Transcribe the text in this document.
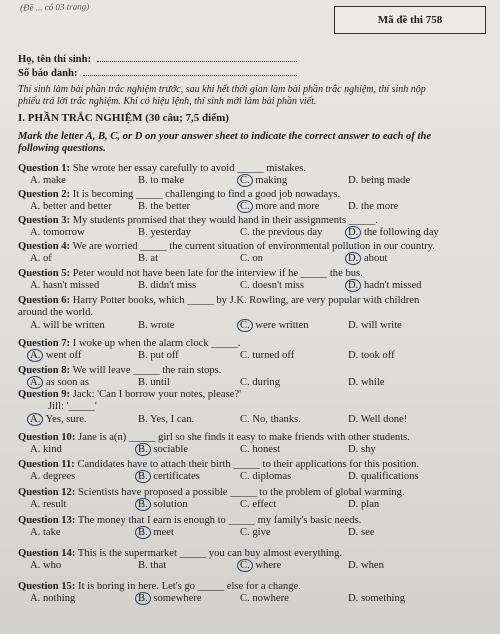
(Đề ... có 03 trang)
Mã đề thi 758
Họ, tên thí sinh:
Số báo danh:
Thí sinh làm bài phần trắc nghiệm trước, sau khi hết thời gian làm bài phần trắc nghiệm, thí sinh nộp
phiếu trả lời trắc nghiệm. Khi có hiệu lệnh, thí sinh mới làm bài phần viết.
I. PHẦN TRẮC NGHIỆM (30 câu; 7,5 điểm)
Mark the letter A, B, C, or D on your answer sheet to indicate the correct answer to each of the
following questions.
Question 1: She wrote her essay carefully to avoid _____ mistakes.
A. make	B. to make	C. making	D. being made
Question 2: It is becoming _____ challenging to find a good job nowadays.
A. better and better B. the better	C. more and more	D. the more
Question 3: My students promised that they would hand in their assignments _____.
A. tomorrow	B. yesterday	C. the previous day D. the following day
Question 4: We are worried _____ the current situation of environmental pollution in our country.
A. of	B. at	C. on	D. about
Question 5: Peter would not have been late for the interview if he _____ the bus.
A. hasn't missed	B. didn't miss	C. doesn't miss	D. hadn't missed
Question 6: Harry Potter books, which _____ by J.K. Rowling, are very popular with children
around the world.
A. will be written	B. wrote	C. were written	D. will write
Question 7: I woke up when the alarm clock _____.
A. went off	B. put off	C. turned off	D. took off
Question 8: We will leave _____ the rain stops.
A. as soon as	B. until	C. during	D. while
Question 9: Jack: 'Can I borrow your notes, please?'
Jill: '_____'
A. Yes, sure.	B. Yes, I can.	C. No, thanks.	D. Well done!
Question 10: Jane is a(n) _____ girl so she finds it easy to make friends with other students.
A. kind	B. sociable	C. honest	D. shy
Question 11: Candidates have to attach their birth _____ to their applications for this position.
A. degrees	B. certificates	C. diplomas	D. qualifications
Question 12: Scientists have proposed a possible _____ to the problem of global warming.
A. result	B. solution	C. effect	D. plan
Question 13: The money that I earn is enough to _____ my family's basic needs.
A. take	B. meet	C. give	D. see
Question 14: This is the supermarket _____ you can buy almost everything.
A. who	B. that	C. where	D. when
Question 15: It is boring in here. Let's go _____ else for a change.
A. nothing	B. somewhere	C. nowhere	D. something
